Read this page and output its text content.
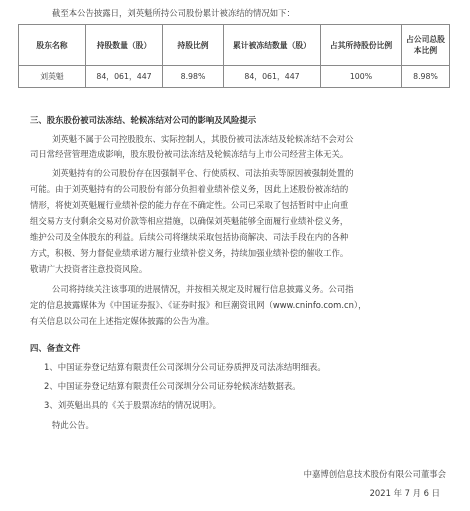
截至本公告披露日，刘英魁所持公司股份累计被冻结的情况如下：
股东名称	持股数量（股）	持股比例	累计被冻结数量（股）	占其所持股份比例	占公司总股本比例
刘英魁	84，061，447	8.98%	84，061，447	100%	8.98%
三、股东股份被司法冻结、轮候冻结对公司的影响及风险提示
刘英魁不属于公司控股股东、实际控制人，其股份被司法冻结及轮候冻结不会对公
司日常经营管理造成影响，股东股份被司法冻结及轮候冻结与上市公司经营主体无关。
刘英魁持有的公司股份存在因强制平仓、行使质权、司法拍卖等原因被强制处置的
可能。由于刘英魁持有的公司股份有部分负担着业绩补偿义务，因此上述股份被冻结的
情形，将使刘英魁履行业绩补偿的能力存在不确定性。公司已采取了包括暂时中止向重
组交易方支付剩余交易对价款等相应措施，以确保刘英魁能够全面履行业绩补偿义务，
维护公司及全体股东的利益。后续公司将继续采取包括协商解决、司法手段在内的各种
方式，积极、努力督促业绩承诺方履行业绩补偿义务，持续加强业绩补偿的催收工作。
敬请广大投资者注意投资风险。
公司将持续关注该事项的进展情况，并按相关规定及时履行信息披露义务。公司指
定的信息披露媒体为《中国证券报》、《证券时报》和巨潮资讯网（www.cninfo.com.cn），
有关信息以公司在上述指定媒体披露的公告为准。
四、备查文件
1、中国证券登记结算有限责任公司深圳分公司证券质押及司法冻结明细表。
2、中国证券登记结算有限责任公司深圳分公司证券轮候冻结数据表。
3、刘英魁出具的《关于股票冻结的情况说明》。
特此公告。
中嘉博创信息技术股份有限公司董事会
2021 年 7 月 6 日
